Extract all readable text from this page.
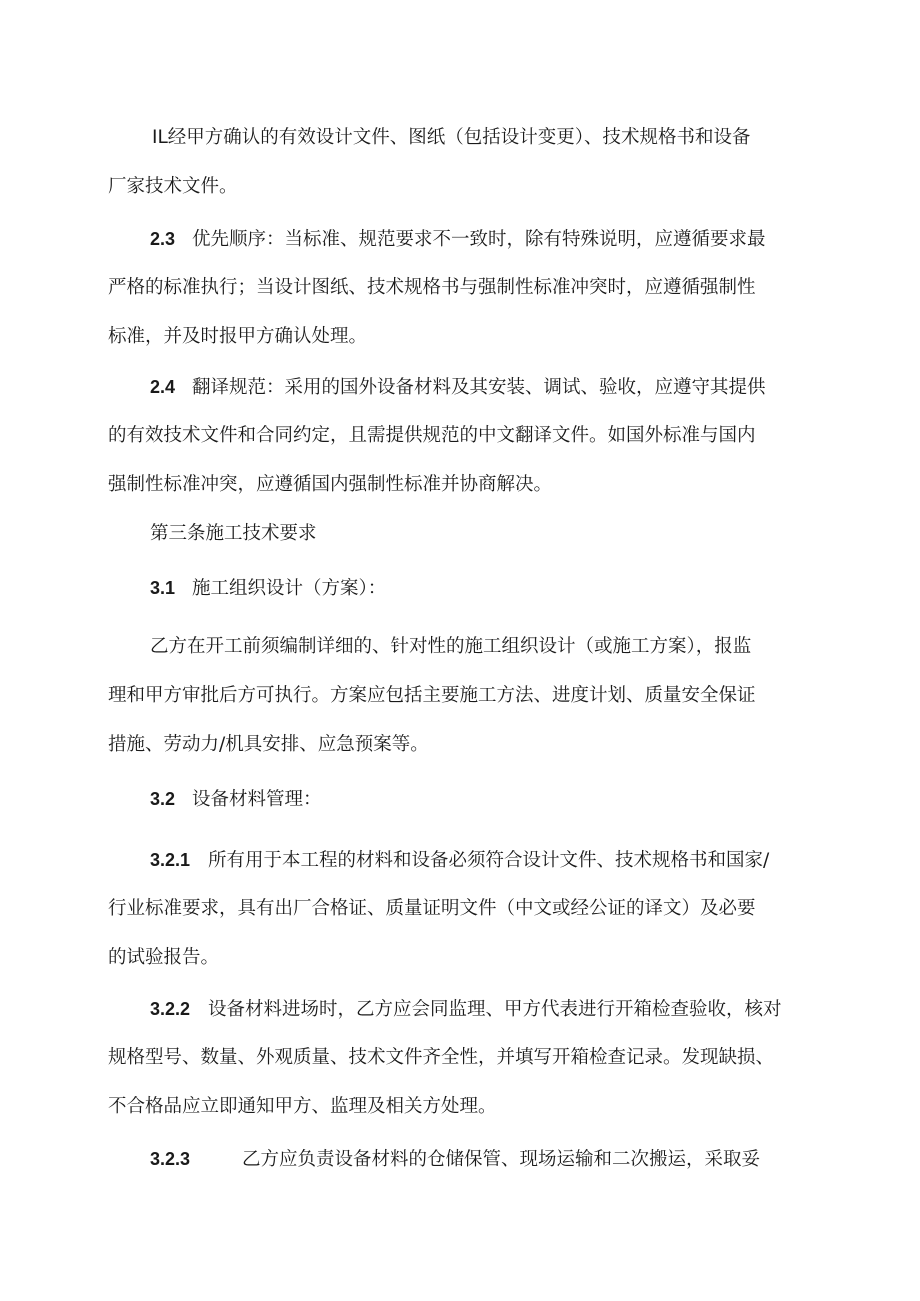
IL经甲方确认的有效设计文件、图纸（包括设计变更）、技术规格书和设备
厂家技术文件。
2.3 优先顺序：当标准、规范要求不一致时，除有特殊说明，应遵循要求最
严格的标准执行；当设计图纸、技术规格书与强制性标准冲突时，应遵循强制性
标准，并及时报甲方确认处理。
2.4 翻译规范：采用的国外设备材料及其安装、调试、验收，应遵守其提供
的有效技术文件和合同约定，且需提供规范的中文翻译文件。如国外标准与国内
强制性标准冲突，应遵循国内强制性标准并协商解决。
第三条施工技术要求
3.1 施工组织设计（方案）：
乙方在开工前须编制详细的、针对性的施工组织设计（或施工方案），报监
理和甲方审批后方可执行。方案应包括主要施工方法、进度计划、质量安全保证
措施、劳动力/机具安排、应急预案等。
3.2 设备材料管理：
3.2.1 所有用于本工程的材料和设备必须符合设计文件、技术规格书和国家/
行业标准要求，具有出厂合格证、质量证明文件（中文或经公证的译文）及必要
的试验报告。
3.2.2 设备材料进场时，乙方应会同监理、甲方代表进行开箱检查验收，核对
规格型号、数量、外观质量、技术文件齐全性，并填写开箱检查记录。发现缺损、
不合格品应立即通知甲方、监理及相关方处理。
3.2.3	乙方应负责设备材料的仓储保管、现场运输和二次搬运，采取妥
